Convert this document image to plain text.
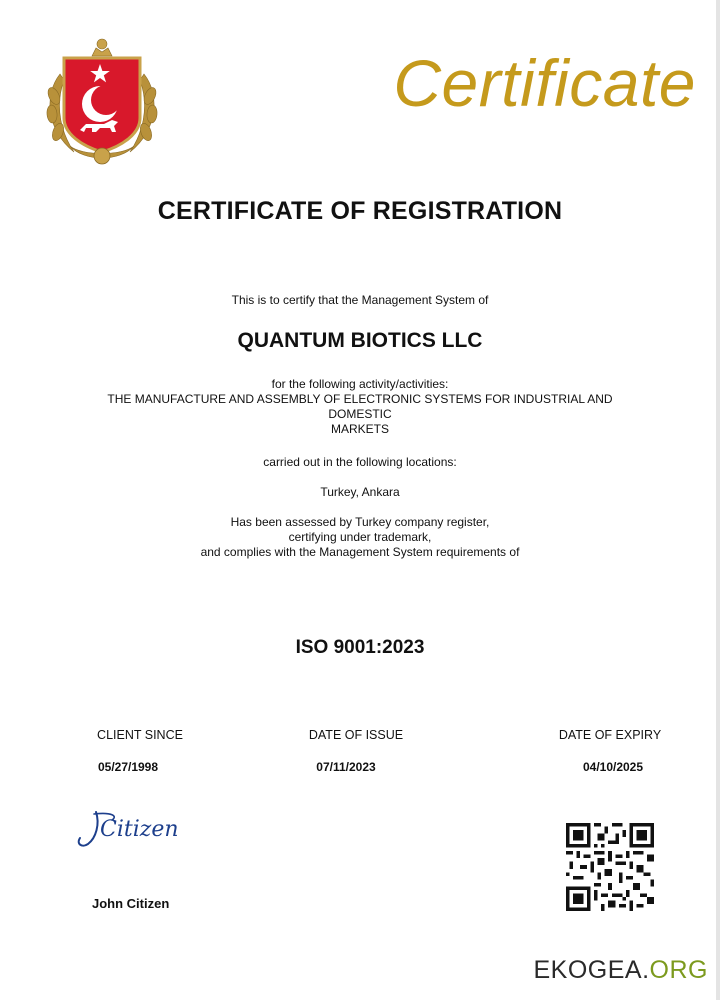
Certificate
CERTIFICATE OF REGISTRATION
This is to certify that the Management System of
QUANTUM BIOTICS LLC
for the following activity/activities:
THE MANUFACTURE AND ASSEMBLY OF ELECTRONIC SYSTEMS FOR INDUSTRIAL AND
DOMESTIC
MARKETS
carried out in the following locations:
Turkey, Ankara
Has been assessed by Turkey company register,
certifying under trademark,
and complies with the Management System requirements of
ISO 9001:2023
CLIENT SINCE
05/27/1998
DATE OF ISSUE
07/11/2023
DATE OF EXPIRY
04/10/2025
Citizen
John Citizen
EKOGEA.ORG
